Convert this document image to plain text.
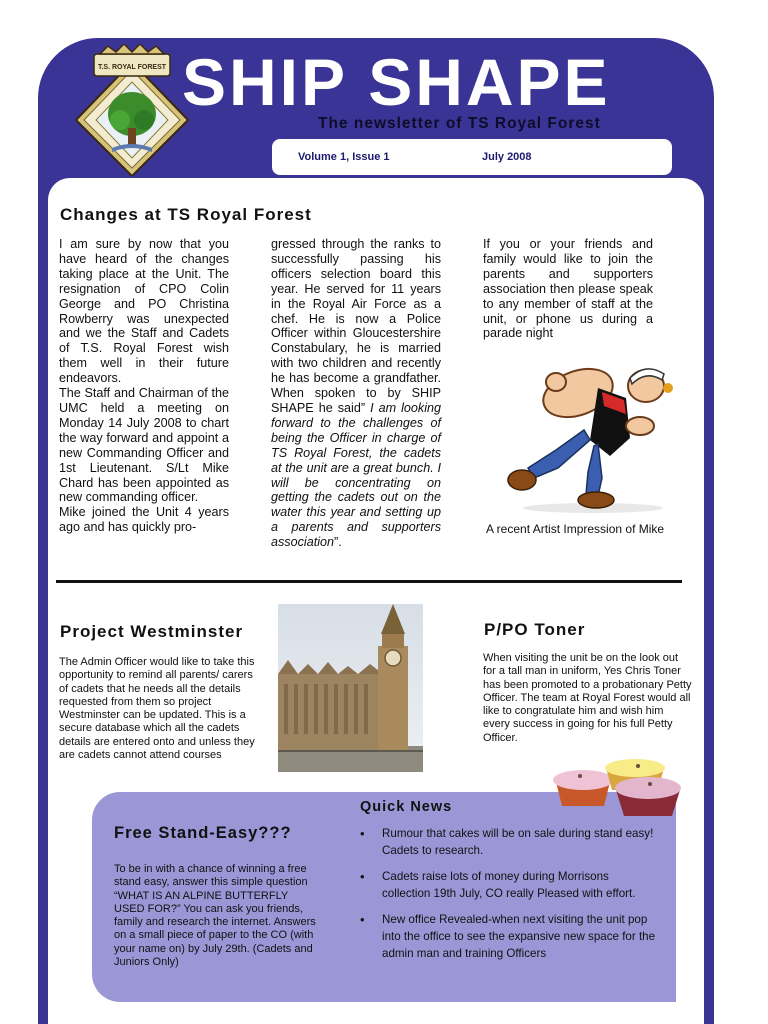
T.S. ROYAL FOREST SHIP SHAPE
The newsletter of TS Royal Forest
Volume 1, Issue 1	July 2008
Changes at TS Royal Forest

I am sure by now that you have heard of the changes taking place at the Unit. The resignation of CPO Colin George and PO Christina Rowberry was unexpected and we the Staff and Cadets of T.S. Royal Forest wish them well in their future endeavors.

The Staff and Chairman of the UMC held a meeting on Monday 14 July 2008 to chart the way forward and appoint a new Commanding Officer and 1st Lieutenant. S/Lt Mike Chard has been appointed as new commanding officer.

Mike joined the Unit 4 years ago and has quickly pro-

gressed through the ranks to successfully passing his officers selection board this year. He served for 11 years in the Royal Air Force as a chef. He is now a Police Officer within Gloucestershire Constabulary, he is married with two children and recently he has become a grandfather. When spoken to by SHIP SHAPE he said” I am looking forward to the challenges of being the Officer in charge of TS Royal Forest, the cadets at the unit are a great bunch. I will be concentrating on getting the cadets out on the water this year and setting up a parents and supporters association”.

If you or your friends and family would like to join the parents and supporters association then please speak to any member of staff at the unit, or phone us during a parade night

A recent Artist Impression of Mike
Project Westminster
The Admin Officer would like to take this opportunity to remind all parents/ carers of cadets that he needs all the details requested from them so project Westminster can be updated. This is a secure database which all the cadets details are entered onto and unless they are cadets cannot attend courses
P/PO Toner
When visiting the unit be on the look out for a tall man in uniform, Yes Chris Toner has been promoted to a probationary Petty Officer. The team at Royal Forest would all like to congratulate him and wish him every success in going for his full Petty Officer.
Quick News
• Rumour that cakes will be on sale during stand easy! Cadets to research.
• Cadets raise lots of money during Morrisons collection 19th July, CO really Pleased with effort.
• New office Revealed-when next visiting the unit pop into the office to see the expansive new space for the admin man and training Officers
Free Stand-Easy???
To be in with a chance of winning a free stand easy, answer this simple question “WHAT IS AN ALPINE BUTTERFLY USED FOR?” You can ask you friends, family and research the internet. Answers on a small piece of paper to the CO (with your name on) by July 29th. (Cadets and Juniors Only)
